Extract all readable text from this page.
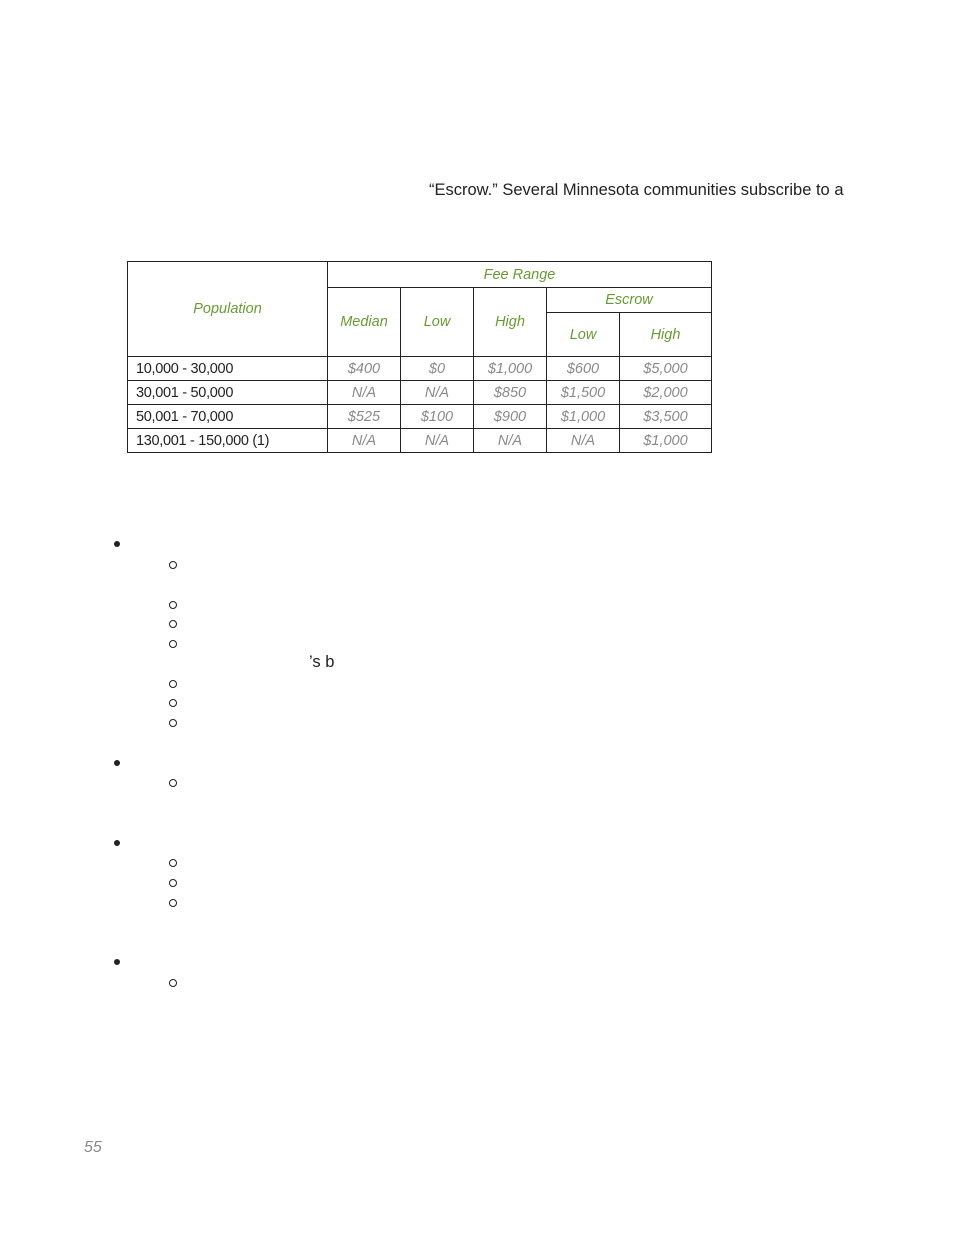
“Escrow.” Several Minnesota communities subscribe to a
Population	Fee Range				
	Median	Low	High	Escrow	
				Low	High
10,000 - 30,000	$400	$0	$1,000	$600	$5,000
30,001 - 50,000	N/A	N/A	$850	$1,500	$2,000
50,001 - 70,000	$525	$100	$900	$1,000	$3,500
130,001 - 150,000 (1)	N/A	N/A	N/A	N/A	$1,000
’s b
55
